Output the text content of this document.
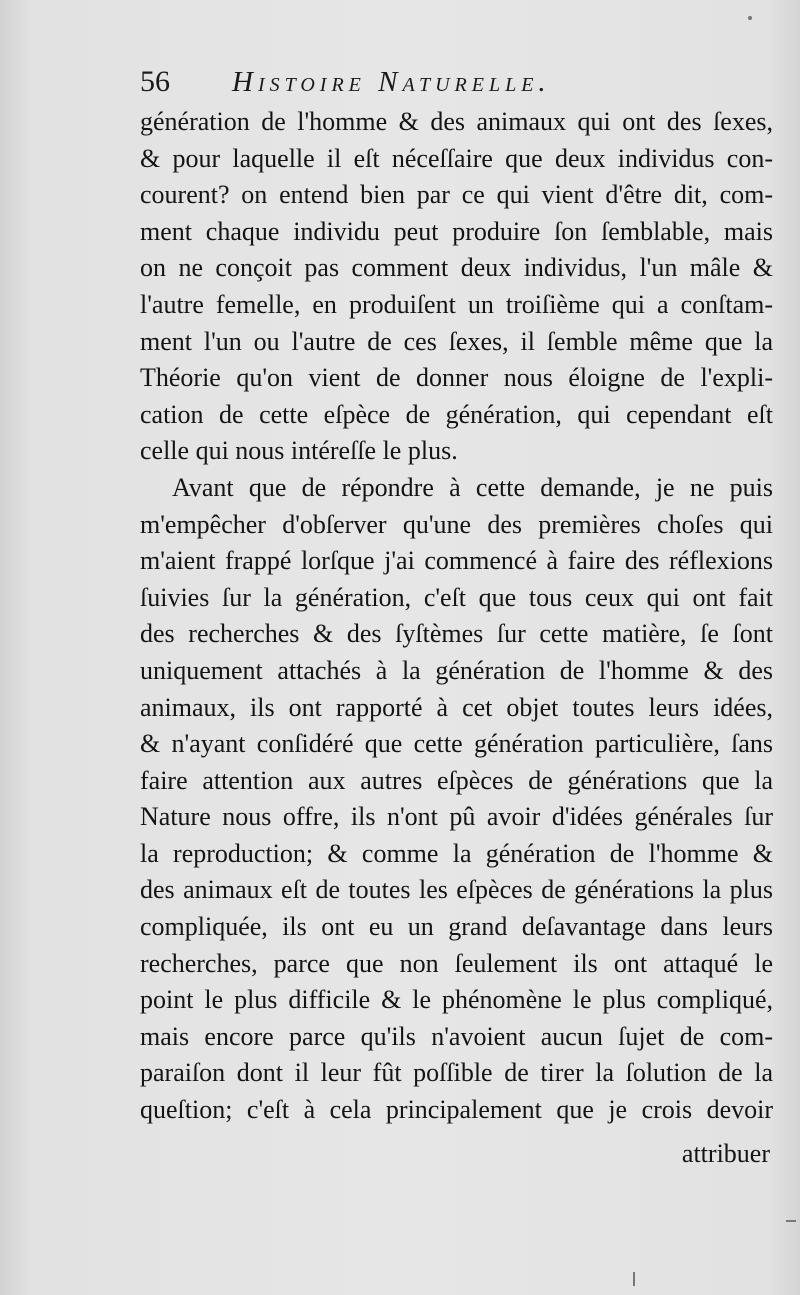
56 Histoire Naturelle.
génération de l'homme & des animaux qui ont des ſexes,
& pour laquelle il eſt néceſſaire que deux individus con-
courent? on entend bien par ce qui vient d'être dit, com-
ment chaque individu peut produire ſon ſemblable, mais
on ne conçoit pas comment deux individus, l'un mâle &
l'autre femelle, en produiſent un troiſième qui a conſtam-
ment l'un ou l'autre de ces ſexes, il ſemble même que la
Théorie qu'on vient de donner nous éloigne de l'expli-
cation de cette eſpèce de génération, qui cependant eſt
celle qui nous intéreſſe le plus.
Avant que de répondre à cette demande, je ne puis
m'empêcher d'obſerver qu'une des premières choſes qui
m'aient frappé lorſque j'ai commencé à faire des réflexions
ſuivies ſur la génération, c'eſt que tous ceux qui ont fait
des recherches & des ſyſtèmes ſur cette matière, ſe ſont
uniquement attachés à la génération de l'homme & des
animaux, ils ont rapporté à cet objet toutes leurs idées,
& n'ayant conſidéré que cette génération particulière, ſans
faire attention aux autres eſpèces de générations que la
Nature nous offre, ils n'ont pû avoir d'idées générales ſur
la reproduction; & comme la génération de l'homme &
des animaux eſt de toutes les eſpèces de générations la plus
compliquée, ils ont eu un grand deſavantage dans leurs
recherches, parce que non ſeulement ils ont attaqué le
point le plus difficile & le phénomène le plus compliqué,
mais encore parce qu'ils n'avoient aucun ſujet de com-
paraiſon dont il leur fût poſſible de tirer la ſolution de la
queſtion; c'eſt à cela principalement que je crois devoir
attribuer
